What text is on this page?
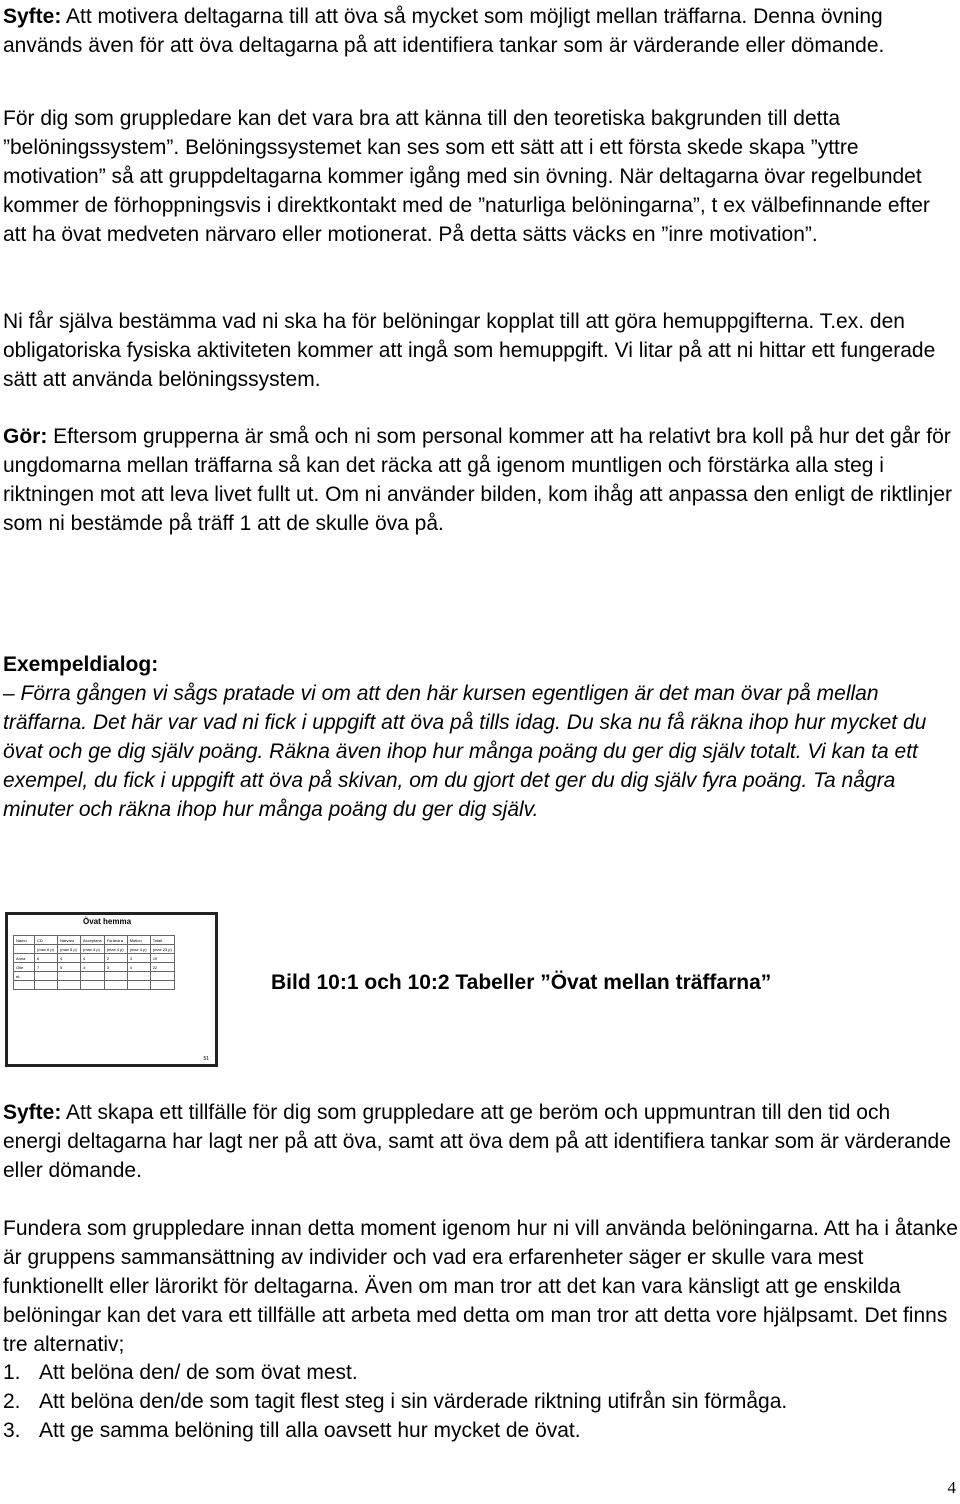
Syfte: Att motivera deltagarna till att öva så mycket som möjligt mellan träffarna. Denna övning används även för att öva deltagarna på att identifiera tankar som är värderande eller dömande.

För dig som gruppledare kan det vara bra att känna till den teoretiska bakgrunden till detta ”belöningssystem”. Belöningssystemet kan ses som ett sätt att i ett första skede skapa ”yttre motivation” så att gruppdeltagarna kommer igång med sin övning. När deltagarna övar regelbundet kommer de förhoppningsvis i direktkontakt med de ”naturliga belöningarna”, t ex välbefinnande efter att ha övat medveten närvaro eller motionerat. På detta sätts väcks en ”inre motivation”.

Ni får själva bestämma vad ni ska ha för belöningar kopplat till att göra hemuppgifterna. T.ex. den obligatoriska fysiska aktiviteten kommer att ingå som hemuppgift. Vi litar på att ni hittar ett fungerade sätt att använda belöningssystem.

Gör: Eftersom grupperna är små och ni som personal kommer att ha relativt bra koll på hur det går för ungdomarna mellan träffarna så kan det räcka att gå igenom muntligen och förstärka alla steg i riktningen mot att leva livet fullt ut. Om ni använder bilden, kom ihåg att anpassa den enligt de riktlinjer som ni bestämde på träff 1 att de skulle öva på.

Exempeldialog:

– Förra gången vi sågs pratade vi om att den här kursen egentligen är det man övar på mellan träffarna. Det här var vad ni fick i uppgift att öva på tills idag. Du ska nu få räkna ihop hur mycket du övat och ge dig själv poäng. Räkna även ihop hur många poäng du ger dig själv totalt. Vi kan ta ett exempel, du fick i uppgift att öva på skivan, om du gjort det ger du dig själv fyra poäng. Ta några minuter och räkna ihop hur många poäng du ger dig själv.

Övat hemma
Namn	CD	Närvaro	Acceptans	Förändra	Motion	Totalt
	(max 6 p)	(max 5 p)	(max 4 p)	(max 4 p)	(max 4 p)	(max 23 p)
Anna	6	4	4	2	3	19
Olle	7	5	4	3	4	22
et..						

51
Bild 10:1 och 10:2 Tabeller ”Övat mellan träffarna”

Syfte: Att skapa ett tillfälle för dig som gruppledare att ge beröm och uppmuntran till den tid och energi deltagarna har lagt ner på att öva, samt att öva dem på att identifiera tankar som är värderande eller dömande.

Fundera som gruppledare innan detta moment igenom hur ni vill använda belöningarna. Att ha i åtanke är gruppens sammansättning av individer och vad era erfarenheter säger er skulle vara mest funktionellt eller lärorikt för deltagarna. Även om man tror att det kan vara känsligt att ge enskilda belöningar kan det vara ett tillfälle att arbeta med detta om man tror att detta vore hjälpsamt. Det finns tre alternativ;

1. Att belöna den/ de som övat mest.
2. Att belöna den/de som tagit flest steg i sin värderade riktning utifrån sin förmåga.
3. Att ge samma belöning till alla oavsett hur mycket de övat.
4
